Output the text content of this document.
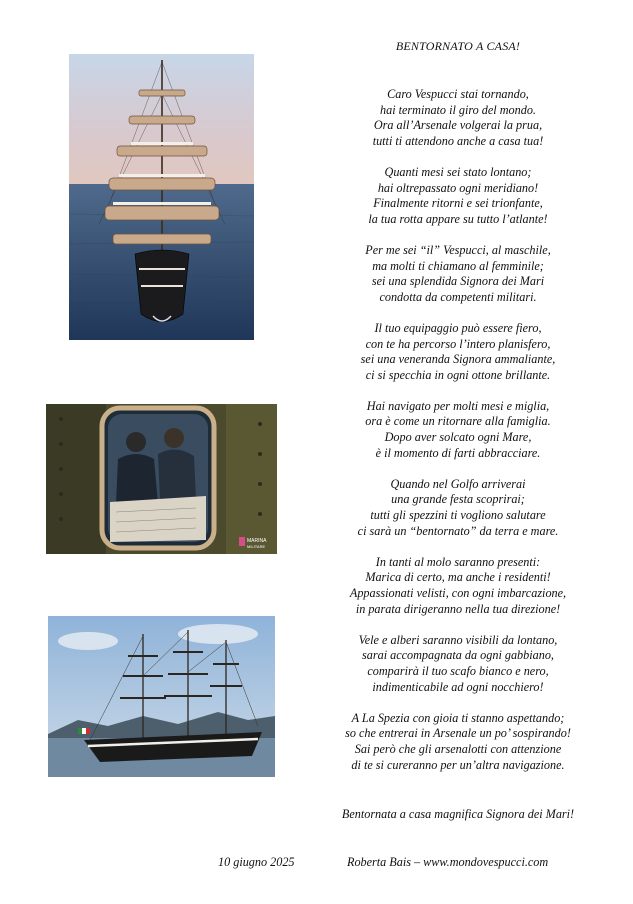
MARINA
MILITARE
BENTORNATO A CASA!
Caro Vespucci stai tornando,
hai terminato il giro del mondo.
Ora all’Arsenale volgerai la prua,
tutti ti attendono anche a casa tua!
Quanti mesi sei stato lontano;
hai oltrepassato ogni meridiano!
Finalmente ritorni e sei trionfante,
la tua rotta appare su tutto l’atlante!
Per me sei “il” Vespucci, al maschile,
ma molti ti chiamano al femminile;
sei una splendida Signora dei Mari
condotta da competenti militari.
Il tuo equipaggio può essere fiero,
con te ha percorso l’intero planisfero,
sei una veneranda Signora ammaliante,
ci si specchia in ogni ottone brillante.
Hai navigato per molti mesi e miglia,
ora è come un ritornare alla famiglia.
Dopo aver solcato ogni Mare,
è il momento di farti abbracciare.
Quando nel Golfo arriverai
una grande festa scoprirai;
tutti gli spezzini ti vogliono salutare
ci sarà un “bentornato” da terra e mare.
In tanti al molo saranno presenti:
Marica di certo, ma anche i residenti!
Appassionati velisti, con ogni imbarcazione,
in parata dirigeranno nella tua direzione!
Vele e alberi saranno visibili da lontano,
sarai accompagnata da ogni gabbiano,
comparirà il tuo scafo bianco e nero,
indimenticabile ad ogni nocchiero!
A La Spezia con gioia ti stanno aspettando;
so che entrerai in Arsenale un po’ sospirando!
Sai però che gli arsenalotti con attenzione
di te si cureranno per un’altra navigazione.
Bentornata a casa magnifica Signora dei Mari!
10 giugno 2025	Roberta Bais – www.mondovespucci.com
